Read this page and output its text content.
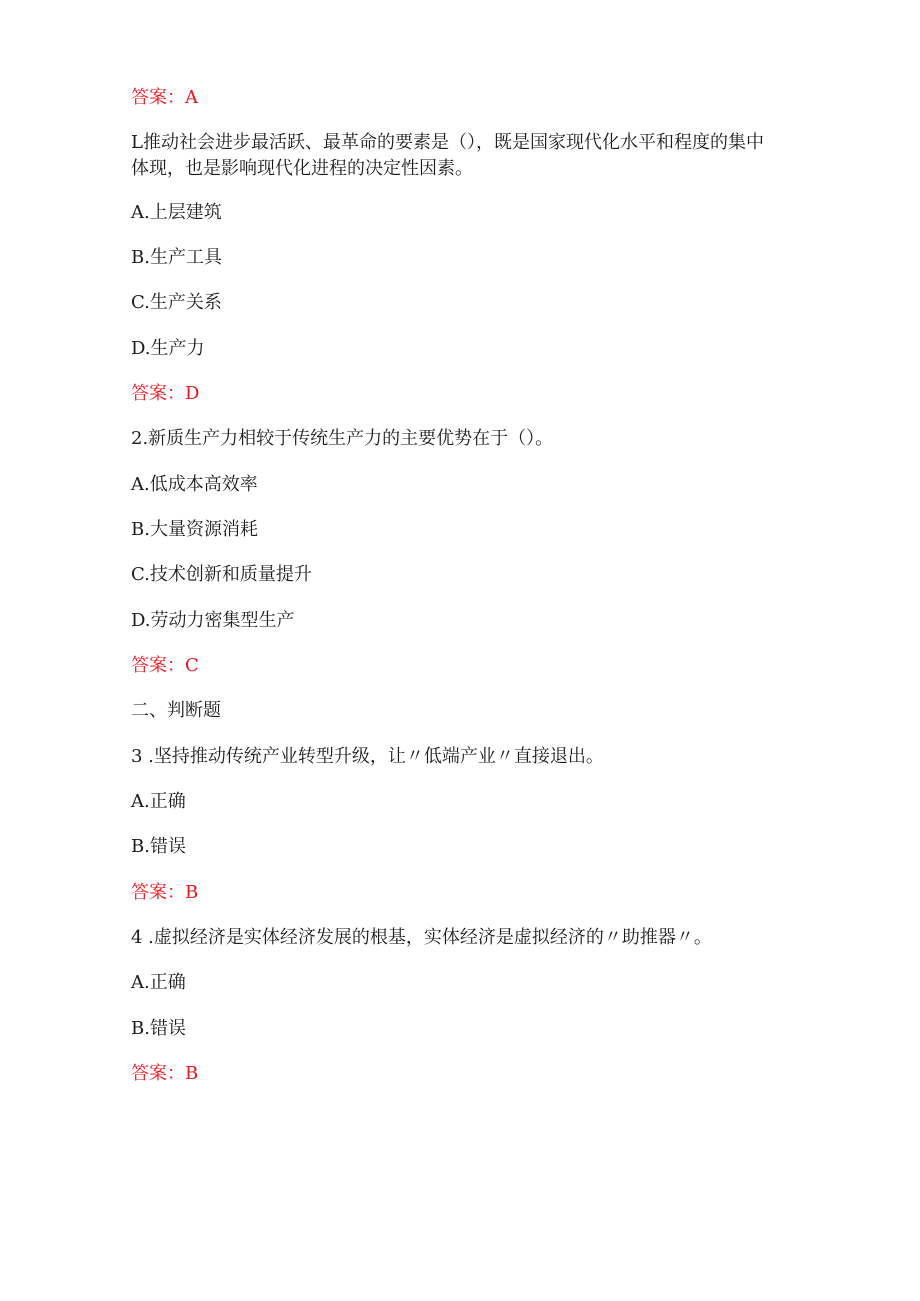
答案：A
L推动社会进步最活跃、最革命的要素是（），既是国家现代化水平和程度的集中体现，也是影响现代化进程的决定性因素。
A.上层建筑
B.生产工具
C.生产关系
D.生产力
答案：D
2.新质生产力相较于传统生产力的主要优势在于（）。
A.低成本高效率
B.大量资源消耗
C.技术创新和质量提升
D.劳动力密集型生产
答案：C
二、判断题
3 .坚持推动传统产业转型升级，让〃低端产业〃直接退出。
A.正确
B.错误
答案：B
4 .虚拟经济是实体经济发展的根基，实体经济是虚拟经济的〃助推器〃。
A.正确
B.错误
答案：B
